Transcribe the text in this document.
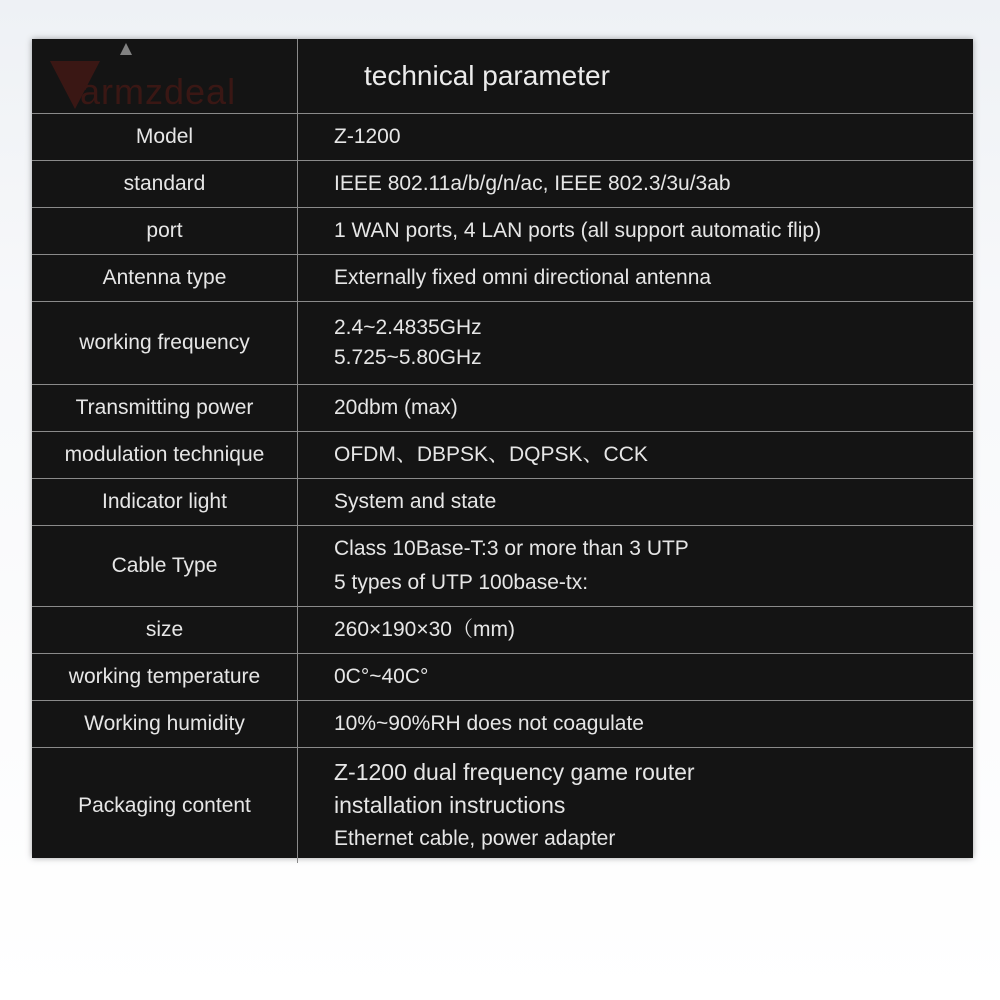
armzdeal	technical parameter
Model	Z-1200

standard	IEEE 802.11a/b/g/n/ac, IEEE 802.3/3u/3ab

port	1 WAN ports, 4 LAN ports (all support automatic flip)

Antenna type	Externally fixed omni directional antenna

working frequency	2.4~2.4835GHz
5.725~5.80GHz

Transmitting power	20dbm (max)

modulation technique	OFDM、DBPSK、DQPSK、CCK

Indicator light	System and state

Cable Type	Class 10Base-T:3 or more than 3 UTP
5 types of UTP 100base-tx:

size	260×190×30（mm)

working temperature	0C°~40C°

Working humidity	10%~90%RH does not coagulate

Packaging content	Z-1200 dual frequency game router
installation instructions
Ethernet cable, power adapter
